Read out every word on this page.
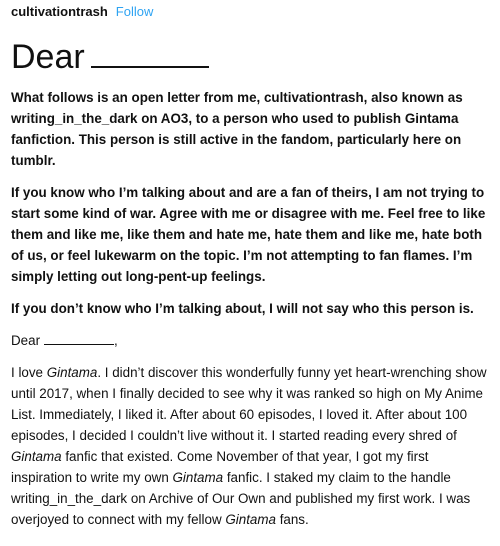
cultivationtrash Follow
Dear

What follows is an open letter from me, cultivationtrash, also known as writing_in_the_dark on AO3, to a person who used to publish Gintama fanfiction. This person is still active in the fandom, particularly here on tumblr.

If you know who I’m talking about and are a fan of theirs, I am not trying to start some kind of war. Agree with me or disagree with me. Feel free to like them and like me, like them and hate me, hate them and like me, hate both of us, or feel lukewarm on the topic. I’m not attempting to fan flames. I’m simply letting out long-pent-up feelings.

If you don’t know who I’m talking about, I will not say who this person is.

Dear	,

I love Gintama. I didn’t discover this wonderfully funny yet heart-wrenching show until 2017, when I finally decided to see why it was ranked so high on My Anime List. Immediately, I liked it. After about 60 episodes, I loved it. After about 100 episodes, I decided I couldn’t live without it. I started reading every shred of Gintama fanfic that existed. Come November of that year, I got my first inspiration to write my own Gintama fanfic. I staked my claim to the handle writing_in_the_dark on Archive of Our Own and published my first work. I was overjoyed to connect with my fellow Gintama fans.
